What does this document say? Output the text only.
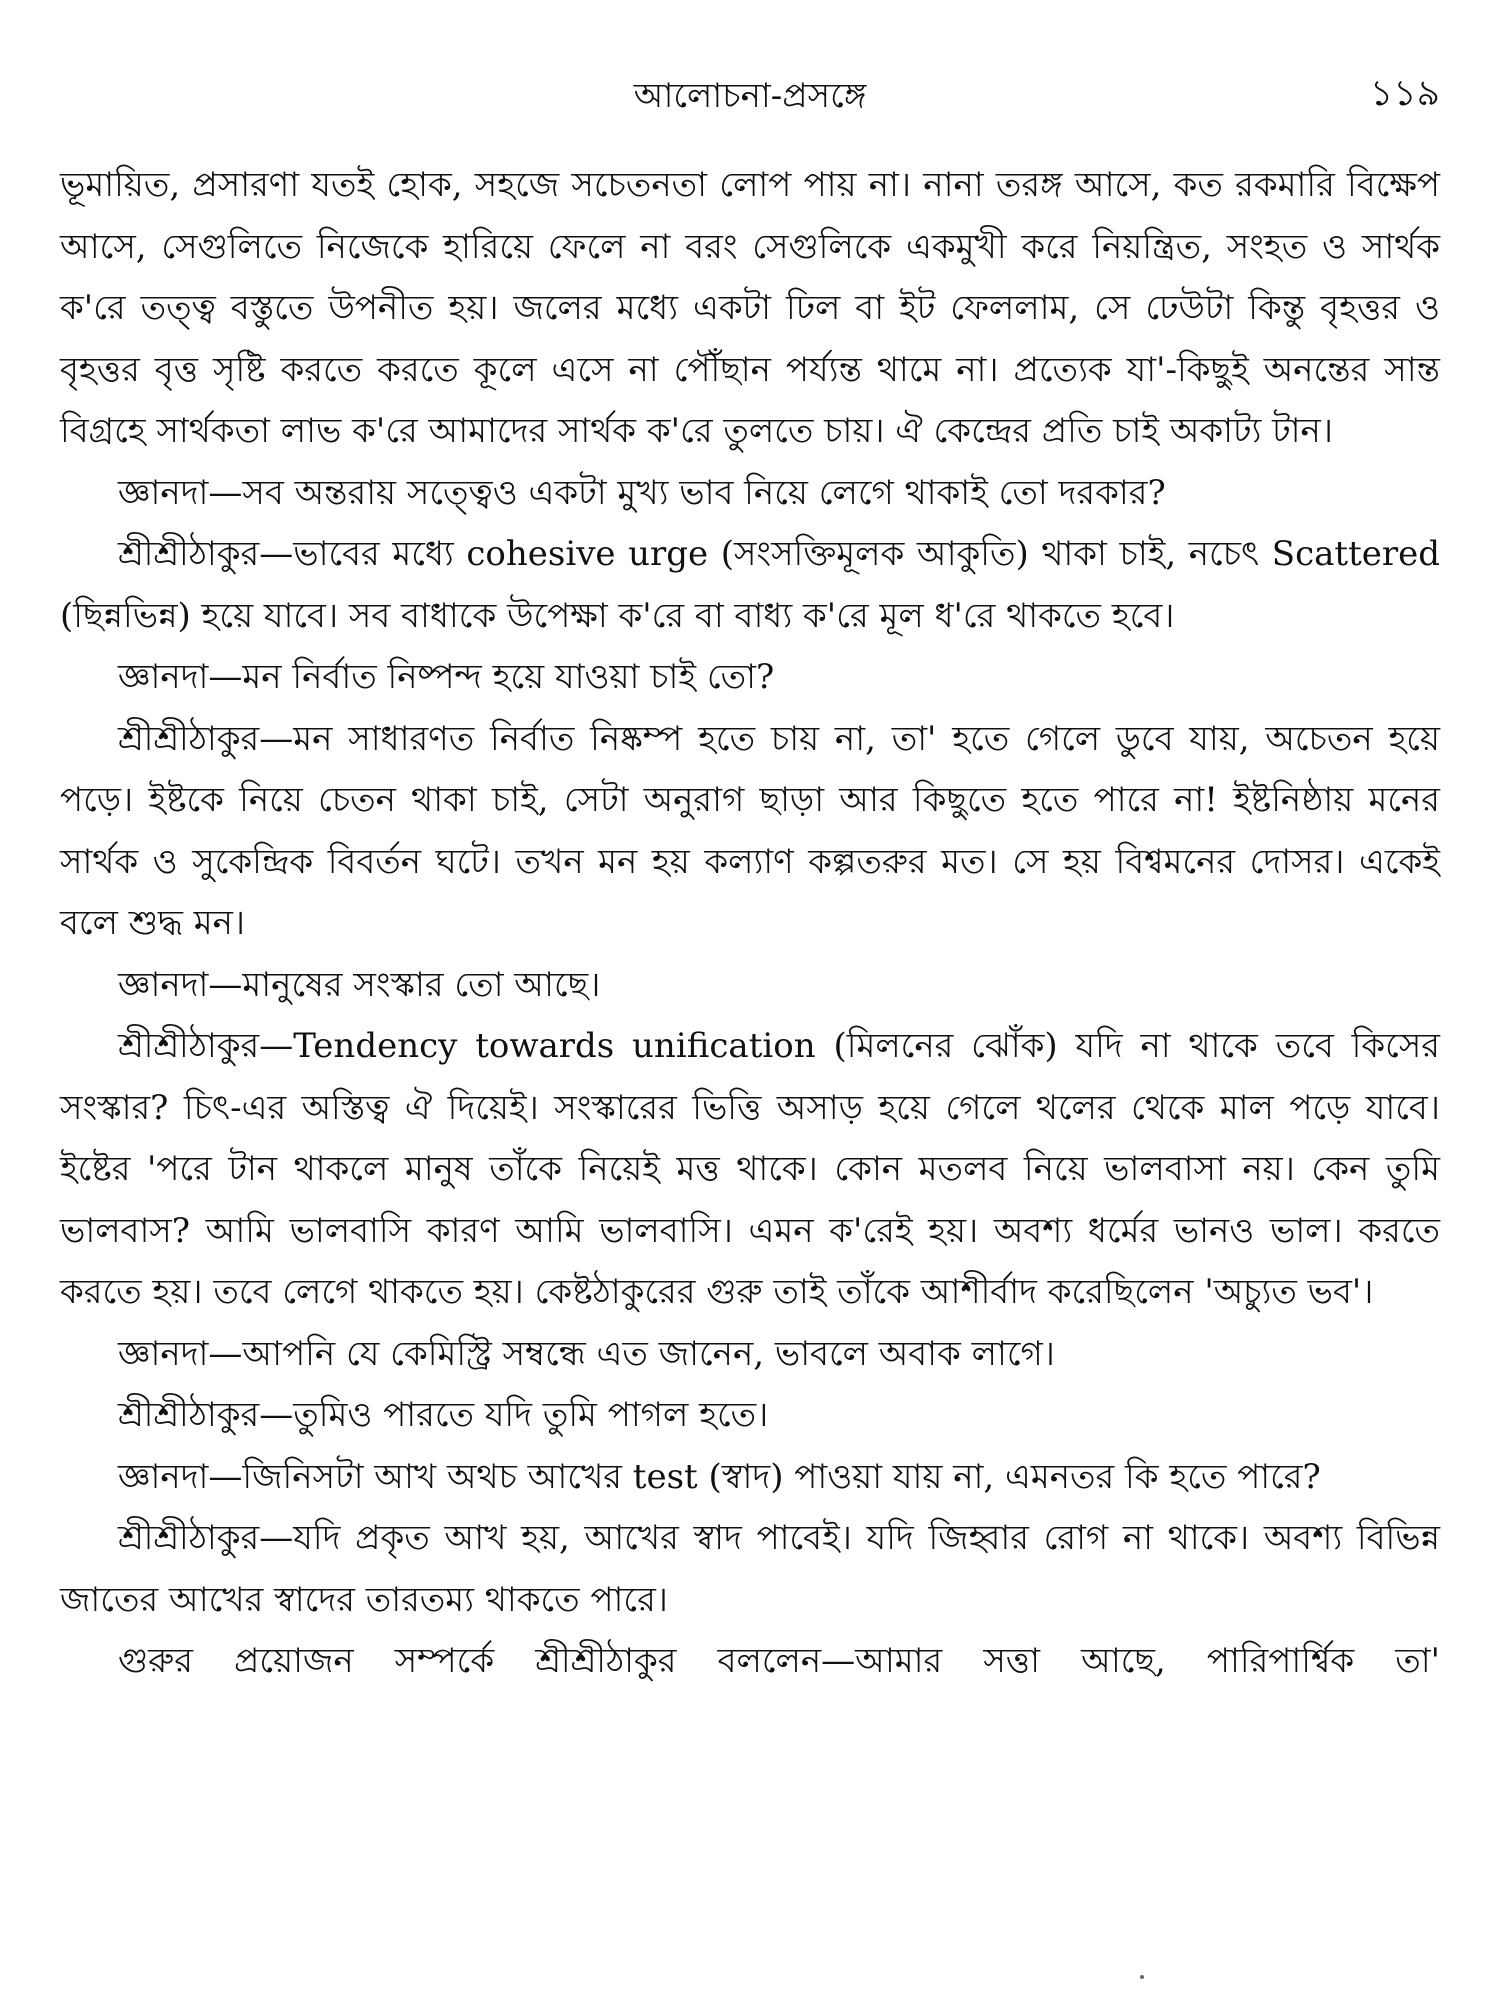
আলোচনা-প্রসঙ্গে	১১৯

ভূমায়িত, প্রসারণা যতই হোক, সহজে সচেতনতা লোপ পায় না। নানা তরঙ্গ আসে, কত রকমারি বিক্ষেপ আসে, সেগুলিতে নিজেকে হারিয়ে ফেলে না বরং সেগুলিকে একমুখী করে নিয়ন্ত্রিত, সংহত ও সার্থক ক'রে তত্ত্ব বস্তুতে উপনীত হয়। জলের মধ্যে একটা ঢিল বা ইট ফেললাম, সে ঢেউটা কিন্তু বৃহত্তর ও বৃহত্তর বৃত্ত সৃষ্টি করতে করতে কূলে এসে না পৌঁছান পর্য্যন্ত থামে না। প্রত্যেক যা'-কিছুই অনন্তের সান্ত বিগ্রহে সার্থকতা লাভ ক'রে আমাদের সার্থক ক'রে তুলতে চায়। ঐ কেন্দ্রের প্রতি চাই অকাট্য টান।

জ্ঞানদা—সব অন্তরায় সত্ত্বেও একটা মুখ্য ভাব নিয়ে লেগে থাকাই তো দরকার?

শ্রীশ্রীঠাকুর—ভাবের মধ্যে cohesive urge (সংসক্তিমূলক আকুতি) থাকা চাই, নচেৎ Scattered (ছিন্নভিন্ন) হয়ে যাবে। সব বাধাকে উপেক্ষা ক'রে বা বাধ্য ক'রে মূল ধ'রে থাকতে হবে।

জ্ঞানদা—মন নির্বাত নিষ্পন্দ হয়ে যাওয়া চাই তো?

শ্রীশ্রীঠাকুর—মন সাধারণত নির্বাত নিষ্কম্প হতে চায় না, তা' হতে গেলে ডুবে যায়, অচেতন হয়ে পড়ে। ইষ্টকে নিয়ে চেতন থাকা চাই, সেটা অনুরাগ ছাড়া আর কিছুতে হতে পারে না! ইষ্টনিষ্ঠায় মনের সার্থক ও সুকেন্দ্রিক বিবর্তন ঘটে। তখন মন হয় কল্যাণ কল্পতরুর মত। সে হয় বিশ্বমনের দোসর। একেই বলে শুদ্ধ মন।

জ্ঞানদা—মানুষের সংস্কার তো আছে।

শ্রীশ্রীঠাকুর—Tendency towards unification (মিলনের ঝোঁক) যদি না থাকে তবে কিসের সংস্কার? চিৎ-এর অস্তিত্ব ঐ দিয়েই। সংস্কারের ভিত্তি অসাড় হয়ে গেলে থলের থেকে মাল পড়ে যাবে। ইষ্টের 'পরে টান থাকলে মানুষ তাঁকে নিয়েই মত্ত থাকে। কোন মতলব নিয়ে ভালবাসা নয়। কেন তুমি ভালবাস? আমি ভালবাসি কারণ আমি ভালবাসি। এমন ক'রেই হয়। অবশ্য ধর্মের ভানও ভাল। করতে করতে হয়। তবে লেগে থাকতে হয়। কেষ্টঠাকুরের গুরু তাই তাঁকে আশীর্বাদ করেছিলেন 'অচ্যুত ভব'।

জ্ঞানদা—আপনি যে কেমিস্ট্রি সম্বন্ধে এত জানেন, ভাবলে অবাক লাগে।

শ্রীশ্রীঠাকুর—তুমিও পারতে যদি তুমি পাগল হতে।

জ্ঞানদা—জিনিসটা আখ অথচ আখের test (স্বাদ) পাওয়া যায় না, এমনতর কি হতে পারে?

শ্রীশ্রীঠাকুর—যদি প্রকৃত আখ হয়, আখের স্বাদ পাবেই। যদি জিহ্বার রোগ না থাকে। অবশ্য বিভিন্ন জাতের আখের স্বাদের তারতম্য থাকতে পারে।

গুরুর প্রয়োজন সম্পর্কে শ্রীশ্রীঠাকুর বললেন—আমার সত্তা আছে, পারিপার্শ্বিক তা'
